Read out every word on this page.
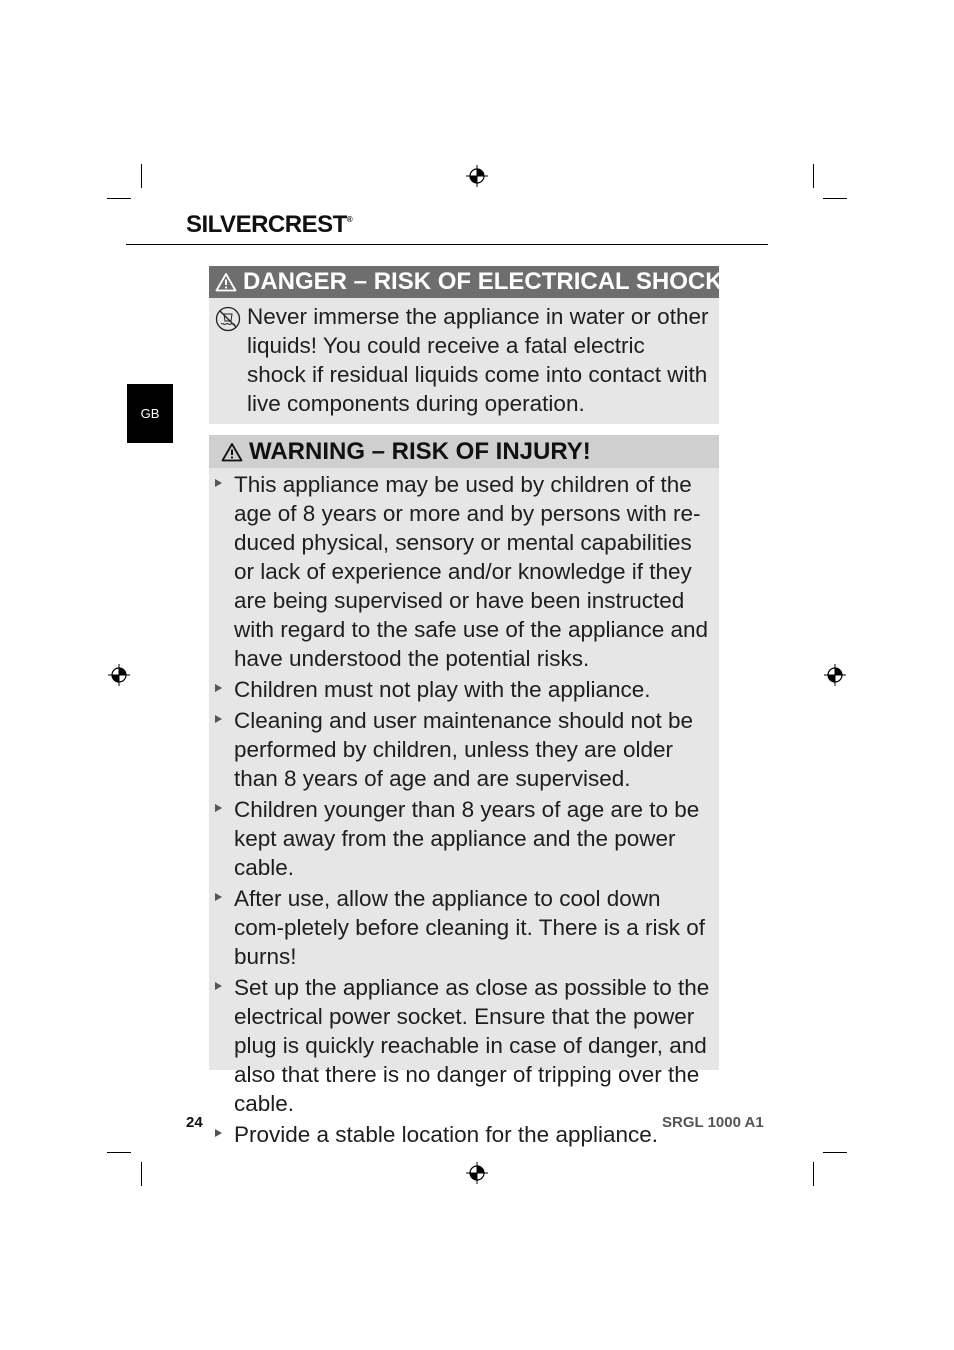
SILVERCREST®
GB
DANGER – RISK OF ELECTRICAL SHOCK!
Never immerse the appliance in water or other liquids! You could receive a fatal electric shock if residual liquids come into contact with live components during operation.
WARNING – RISK OF INJURY!
This appliance may be used by children of the age of 8 years or more and by persons with re-duced physical, sensory or mental capabilities or lack of experience and/or knowledge if they are being supervised or have been instructed with regard to the safe use of the appliance and have understood the potential risks.
Children must not play with the appliance.
Cleaning and user maintenance should not be performed by children, unless they are older than 8 years of age and are supervised.
Children younger than 8 years of age are to be kept away from the appliance and the power cable.
After use, allow the appliance to cool down com-pletely before cleaning it. There is a risk of burns!
Set up the appliance as close as possible to the electrical power socket. Ensure that the power plug is quickly reachable in case of danger, and also that there is no danger of tripping over the cable.
Provide a stable location for the appliance.
24	SRGL 1000 A1
